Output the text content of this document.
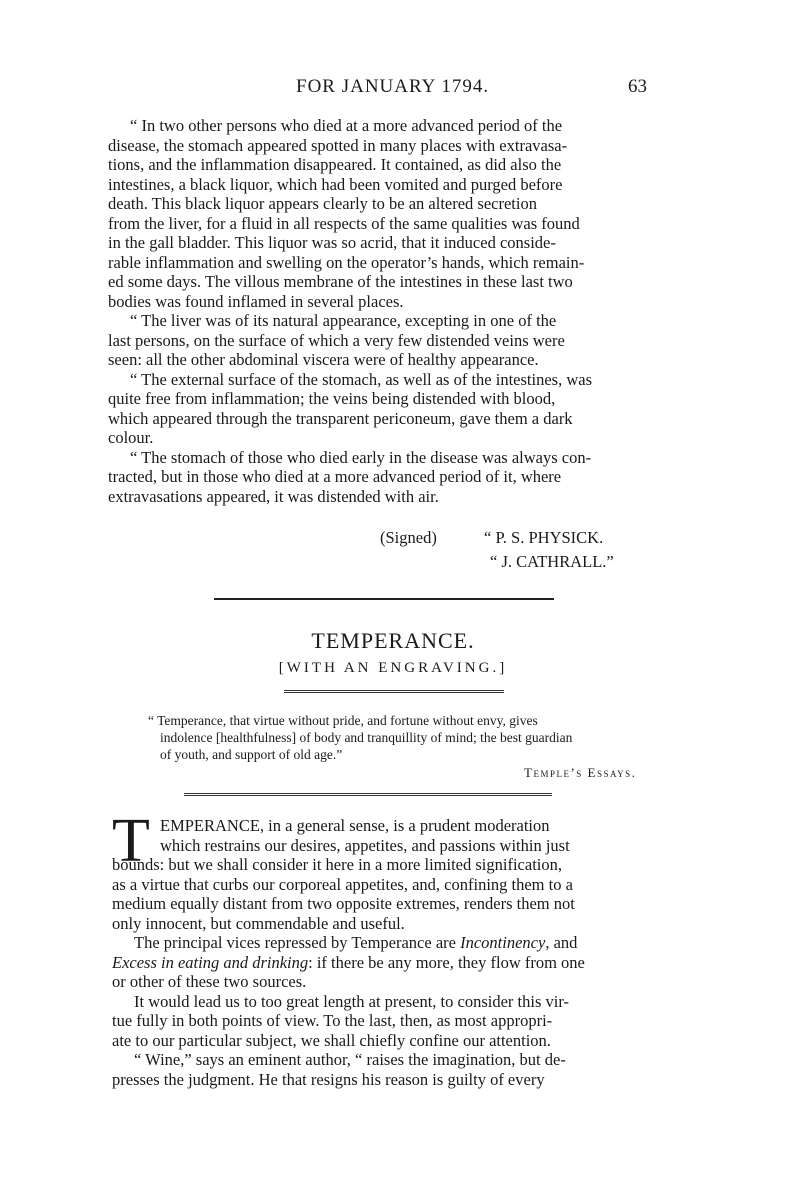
FOR JANUARY 1794.	63
“ In two other persons who died at a more advanced period of the
disease, the stomach appeared spotted in many places with extravasa-
tions, and the inflammation disappeared. It contained, as did also the
intestines, a black liquor, which had been vomited and purged before
death. This black liquor appears clearly to be an altered secretion
from the liver, for a fluid in all respects of the same qualities was found
in the gall bladder. This liquor was so acrid, that it induced conside-
rable inflammation and swelling on the operator’s hands, which remain-
ed some days. The villous membrane of the intestines in these last two
bodies was found inflamed in several places.
“ The liver was of its natural appearance, excepting in one of the
last persons, on the surface of which a very few distended veins were
seen: all the other abdominal viscera were of healthy appearance.
“ The external surface of the stomach, as well as of the intestines, was
quite free from inflammation; the veins being distended with blood,
which appeared through the transparent periconeum, gave them a dark
colour.
“ The stomach of those who died early in the disease was always con-
tracted, but in those who died at a more advanced period of it, where
extravasations appeared, it was distended with air.
(Signed)	“ P. S. PHYSICK.
“ J. CATHRALL.”
TEMPERANCE.
[WITH AN ENGRAVING.]
“ Temperance, that virtue without pride, and fortune without envy, gives
indolence [healthfulness] of body and tranquillity of mind; the best guardian
of youth, and support of old age.”
Temple’s Essays.
T EMPERANCE, in a general sense, is a prudent moderation
which restrains our desires, appetites, and passions within just
bounds: but we shall consider it here in a more limited signification,
as a virtue that curbs our corporeal appetites, and, confining them to a
medium equally distant from two opposite extremes, renders them not
only innocent, but commendable and useful.
The principal vices repressed by Temperance are Incontinency, and
Excess in eating and drinking: if there be any more, they flow from one
or other of these two sources.
It would lead us to too great length at present, to consider this vir-
tue fully in both points of view. To the last, then, as most appropri-
ate to our particular subject, we shall chiefly confine our attention.
“ Wine,” says an eminent author, “ raises the imagination, but de-
presses the judgment. He that resigns his reason is guilty of every
